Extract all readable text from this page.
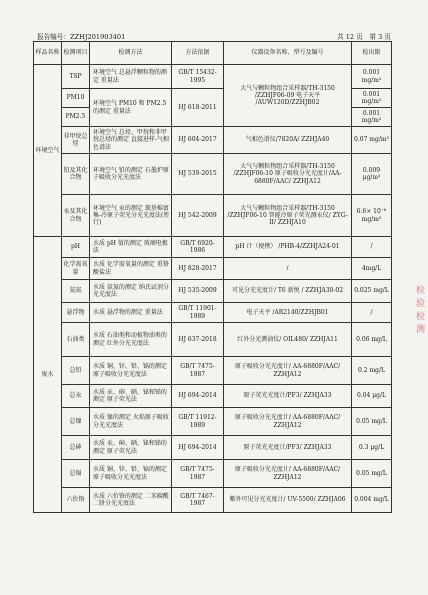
报告编号：ZZHJ201903401	共 12 页　第 3 页
样品名称	检测项目	检测方法	方法依据	仪器设备名称、型号及编号	检出限
环境空气	TSP	环境空气 总悬浮颗粒物的测定 重量法	GB/T 15432-1995	大气与颗粒物组合采样器/TH-3150 /ZZHJF06-09 电子天平 /AUW120D/ZZHJB02	0.001 mg/m³
	PM10	环境空气 PM10 和 PM2.5 的测定 重量法	HJ 618-2011		0.001 mg/m³
	PM2.5				0.001 mg/m³
	非甲烷总烃	环境空气 总烃、甲烷和非甲烷总烃的测定 直接进样-气相色谱法	HJ 604-2017	气相色谱仪/7820A/ ZZHJA40	0.07 mg/m³
	铅及其化合物	环境空气 铅的测定 石墨炉原子吸收分光光度法	HJ 539-2015	大气与颗粒物组合采样器/TH-3150 /ZZHJF06-10 原子吸收分光光度计/AA-6880F/AAC/ ZZHJA12	0.009 μg/m³
	汞及其化合物	环境空气 汞的测定 巯基棉富集-冷原子荧光分光光度法(暂行)	HJ 542-2009	大气与颗粒物组合采样器/TH-3150 /ZZHJF06-10 智能冷原子荧光测汞仪/ ZYG-II/ ZZHJA10	6.6× 10⁻⁶ mg/m³
废水	pH	水质 pH 值的测定 玻璃电极法	GB/T 6920-1986	pH 计（便携） /PHB-4/ZZHJA24-01	/
	化学需氧量	水质 化学需氧量的测定 重铬酸盐法	HJ 828-2017	/	4mg/L
	氨氮	水质 氨氮的测定 纳氏试剂分光光度法	HJ 535-2009	可见分光光度计/ T6 新悦 / ZZHJA30-02	0.025 mg/L
	悬浮物	水质 悬浮物的测定 重量法	GB/T 11901-1989	电子天平 /AR2140/ZZHJB01	/
	石油类	水质 石油类和动植物油类的测定 红外分光光度法	HJ 637-2018	红外分光测油仪/ OIL480/ ZZHJA11	0.06 mg/L
	总铅	水质 铜、锌、铅、镉的测定 原子吸收分光光度法	GB/T 7475-1987	原子吸收分光光度计/ AA-6880F/AAC/ ZZHJA12	0.2 mg/L
	总汞	水质 汞、砷、硒、铋和锑的测定 原子荧光法	HJ 694-2014	原子荧光光度计/PF3/ ZZHJA33	0.04 μg/L
	总镍	水质 镍的测定 火焰原子吸收分光光度法	GB/T 11912-1989	原子吸收分光光度计/ AA-6880F/AAC/ ZZHJA12	0.05 mg/L
	总砷	水质 汞、砷、硒、铋和锑的测定 原子荧光法	HJ 694-2014	原子荧光光度计/PF3/ ZZHJA33	0.3 μg/L
	总镉	水质 铜、锌、铅、镉的测定 原子吸收分光光度法	GB/T 7475-1987	原子吸收分光光度计/ AA-6880F/AAC/ ZZHJA12	0.05 mg/L
	六价铬	水质 六价铬的测定 二苯碳酰二肼分光光度法	GB/T 7467-1987	紫外可见分光光度计/ UV-5500/ ZZHJA06	0.004 mg/L
检验检测
